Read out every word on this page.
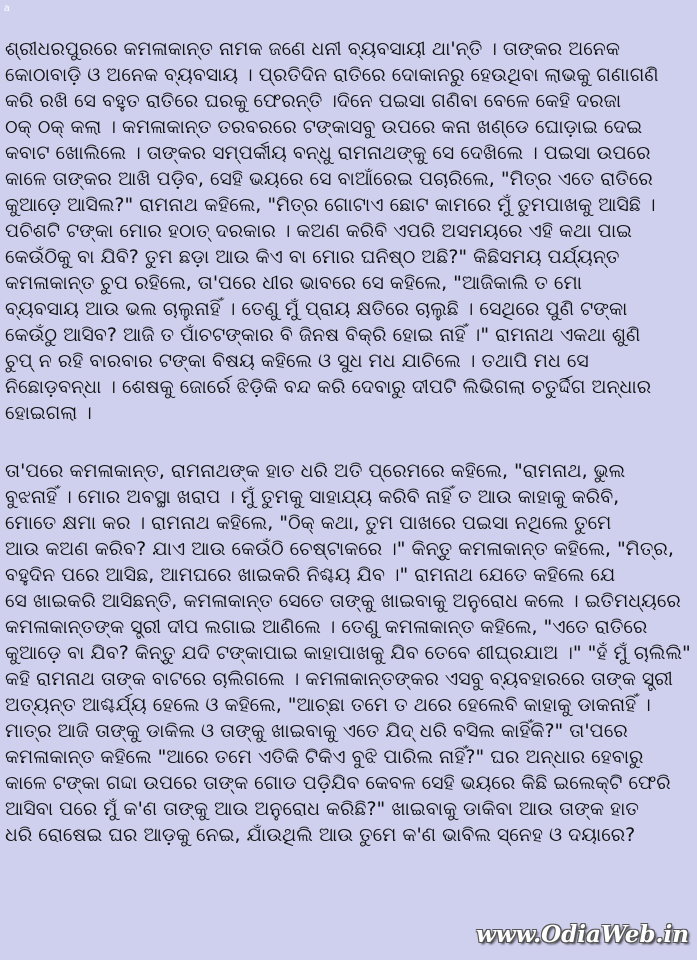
a
ଶ୍ରୀଧରପୁରରେ କମଳାକାନ୍ତ ନାମକ ଜଣେ ଧନୀ ବ୍ୟବସାୟୀ ଥା'ନ୍ତି । ତାଙ୍କର ଅନେକ
କୋଠାବାଡ଼ି ଓ ଅନେକ ବ୍ୟବସାୟ । ପ୍ରତିଦିନ ରାତିରେ ଦୋକାନରୁ ହେଉଥିବା ଲାଭକୁ ଗଣାଗଣି
କରି ରଖି ସେ ବହୁତ ରାତିରେ ଘରକୁ ଫେରନ୍ତି ।ଦିନେ ପଇସା ଗଣିବା ବେଳେ କେହି ଦରଜା
ଠକ୍ ଠକ୍ କଲା । କମଳାକାନ୍ତ ତରବରରେ ଟଙ୍କାସବୁ ଉପରେ କନା ଖଣ୍ଡେ ଘୋଡ଼ାଇ ଦେଇ
କବାଟ ଖୋଲିଲେ । ତାଙ୍କର ସମ୍ପର୍କୀୟ ବନ୍ଧୁ ରାମନାଥଙ୍କୁ ସେ ଦେଖିଲେ । ପଇସା ଉପରେ
କାଳେ ତାଙ୍କର ଆଖି ପଡ଼ିବ, ସେହି ଭୟରେ ସେ ବାଆଁରେଇ ପଚାରିଲେ, "ମିତ୍ର ଏତେ ରାତିରେ
କୁଆଡ଼େ ଆସିଲ?" ରାମନାଥ କହିଲେ, "ମିତ୍ର ଗୋଟାଏ ଛୋଟ କାମରେ ମୁଁ ତୁମପାଖକୁ ଆସିଛି ।
ପଚିଶଟି ଟଙ୍କା ମୋର ହଠାତ୍ ଦରକାର । କଅଣ କରିବି ଏପରି ଅସମୟରେ ଏହି କଥା ପାଇ
କେଉଁଠିକୁ ବା ଯିବି? ତୁମ ଛଡ଼ା ଆଉ କିଏ ବା ମୋର ଘନିଷ୍ଠ ଅଛି?" କିଛିସମୟ ପର୍ଯ୍ୟନ୍ତ
କମଳାକାନ୍ତ ଚୁପ ରହିଲେ, ତା'ପରେ ଧୀର ଭାବରେ ସେ କହିଲେ, "ଆଜିକାଲି ତ ମୋ
ବ୍ୟବସାୟ ଆଉ ଭଲ ଚାଲୁନାହିଁ । ତେଣୁ ମୁଁ ପ୍ରାୟ କ୍ଷତିରେ ଚାଲୁଛି । ସେଥିରେ ପୁଣି ଟଙ୍କା
କେଉଁଠୁ ଆସିବ? ଆଜି ତ ପାଁଚଟଙ୍କାର ବି ଜିନଷ ବିକ୍ରି ହୋଇ ନାହିଁ ।" ରାମନାଥ ଏକଥା ଶୁଣି
ଚୁପ୍ ନ ରହି ବାରବାର ଟଙ୍କା ବିଷୟ କହିଲେ ଓ ସୁଧ ମଧ ଯାଚିଲେ । ତଥାପି ମଧ ସେ
ନିଛୋଡ଼ବନ୍ଧା । ଶେଷକୁ ଜୋର୍ରେ ଝିଡ଼ିକି ବନ୍ଦ କରି ଦେବାରୁ ଦୀପଟି ଲିଭିଗଲା ଚତୁର୍ଦ୍ଦିଗ ଅନ୍ଧାର
ହୋଇଗଲା ।
ତା'ପରେ କମଳାକାନ୍ତ, ରାମନାଥଙ୍କ ହାତ ଧରି ଅତି ପ୍ରେମରେ କହିଲେ, "ରାମନାଥ, ଭୁଲ
ବୁଝନାହିଁ । ମୋର ଅବସ୍ଥା ଖରାପ । ମୁଁ ତୁମକୁ ସାହାଯ୍ୟ କରିବି ନାହିଁ ତ ଆଉ କାହାକୁ କରିବି,
ମୋତେ କ୍ଷମା କର । ରାମନାଥ କହିଲେ, "ଠିକ୍ କଥା, ତୁମ ପାଖରେ ପଇସା ନଥିଲେ ତୁମେ
ଆଉ କଅଣ କରିବ? ଯାଏ ଆଉ କେଉଁଠି ଚେଷ୍ଟାକରେ ।" କିନ୍ତୁ କମଳାକାନ୍ତ କହିଲେ, "ମିତ୍ର,
ବହୁଦିନ ପରେ ଆସିଛ, ଆମଘରେ ଖାଇକରି ନିଶ୍ଚୟ ଯିବ ।" ରାମନାଥ ଯେତେ କହିଲେ ଯେ
ସେ ଖାଇକରି ଆସିଛନ୍ତି, କମଳାକାନ୍ତ ସେତେ ତାଙ୍କୁ ଖାଇବାକୁ ଅନୁରୋଧ କଲେ । ଇତିମଧ୍ୟରେ
କମଳାକାନ୍ତଙ୍କ ସ୍ତ୍ରୀ ଦୀପ ଲଗାଇ ଆଣିଲେ । ତେଣୁ କମଳାକାନ୍ତ କହିଲେ, "ଏତେ ରାତିରେ
କୁଆଡ଼େ ବା ଯିବ? କିନ୍ତୁ ଯଦି ଟଙ୍କାପାଇ କାହାପାଖକୁ ଯିବ ତେବେ ଶୀଘ୍ରଯାଅ ।" "ହଁ ମୁଁ ଚାଲିଲି"
କହି ରାମନାଥ ତାଙ୍କ ବାଟରେ ଚାଲିଗଲେ । କମଳାକାନ୍ତଙ୍କର ଏସବୁ ବ୍ୟବହାରରେ ତାଙ୍କ ସ୍ତ୍ରୀ
ଅତ୍ୟନ୍ତ ଆଶ୍ଚର୍ଯ୍ୟ ହେଲେ ଓ କହିଲେ, "ଆଚ୍ଛା ତମେ ତ ଥରେ ହେଲେବି କାହାକୁ ଡାକନାହିଁ ।
ମାତ୍ର ଆଜି ତାଙ୍କୁ ଡାକିଲ ଓ ତାଙ୍କୁ ଖାଇବାକୁ ଏତେ ଯିଦ୍ ଧରି ବସିଲ କାହିଁକି?" ତା'ପରେ
କମଳାକାନ୍ତ କହିଲେ "ଆରେ ତମେ ଏତିକି ଟିକିଏ ବୁଝି ପାରିଲ ନାହିଁ?" ଘର ଅନ୍ଧାର ହେବାରୁ
କାଳେ ଟଙ୍କା ଗଦ୍ଦା ଉପରେ ତାଙ୍କ ଗୋଡ ପଡ଼ିଯିବ କେବଳ ସେହି ଭୟରେ କିଛି ଇଲେକ୍ଟି ଫେରି
ଆସିବା ପରେ ମୁଁ କ'ଣ ତାଙ୍କୁ ଆଉ ଅନୁରୋଧ କରିଛି?" ଖାଇବାକୁ ଡାକିବା ଆଉ ତାଙ୍କ ହାତ
ଧରି ରୋଷେଇ ଘର ଆଡ଼କୁ ନେଇ, ଯାଁଉଥିଲି ଆଉ ତୁମେ କ'ଣ ଭାବିଲ ସ୍ନେହ ଓ ଦୟାରେ?
www.OdiaWeb.in
